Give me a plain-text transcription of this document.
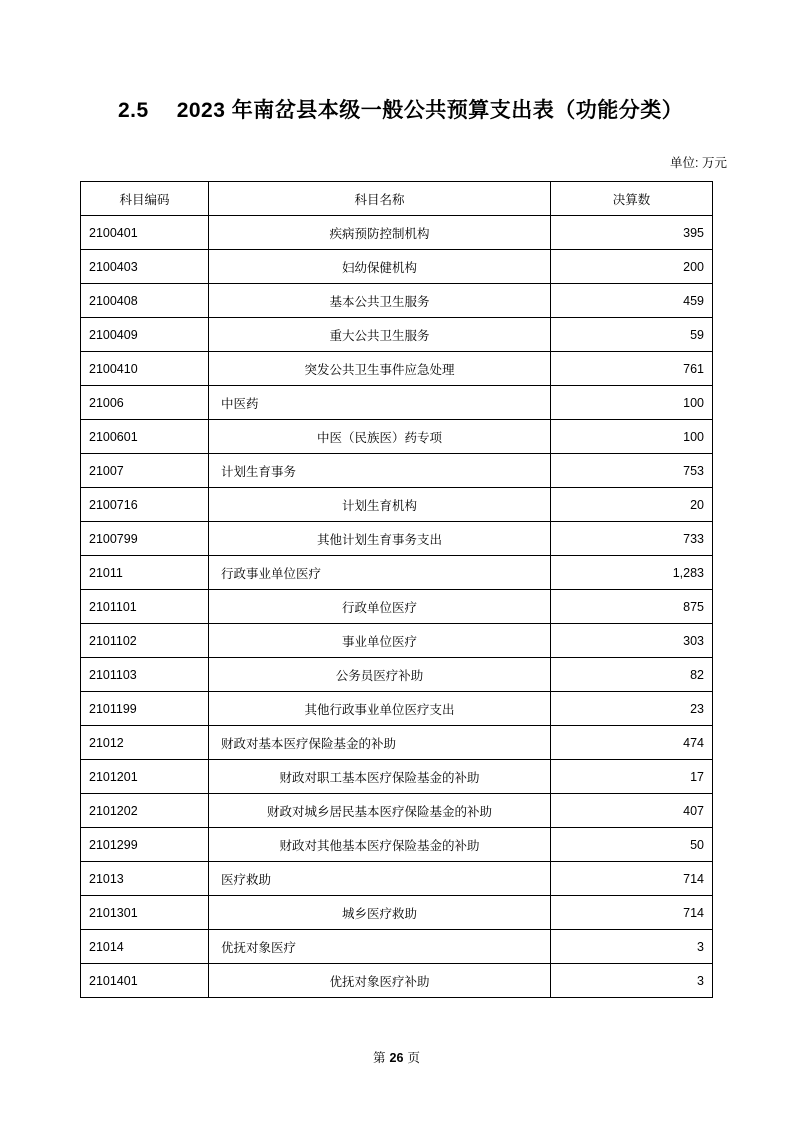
2.5 2023 年南岔县本级一般公共预算支出表（功能分类）
单位: 万元
科目编码	科目名称	决算数
2100401	疾病预防控制机构	395
2100403	妇幼保健机构	200
2100408	基本公共卫生服务	459
2100409	重大公共卫生服务	59
2100410	突发公共卫生事件应急处理	761
21006	中医药	100
2100601	中医（民族医）药专项	100
21007	计划生育事务	753
2100716	计划生育机构	20
2100799	其他计划生育事务支出	733
21011	行政事业单位医疗	1,283
2101101	行政单位医疗	875
2101102	事业单位医疗	303
2101103	公务员医疗补助	82
2101199	其他行政事业单位医疗支出	23
21012	财政对基本医疗保险基金的补助	474
2101201	财政对职工基本医疗保险基金的补助	17
2101202	财政对城乡居民基本医疗保险基金的补助	407
2101299	财政对其他基本医疗保险基金的补助	50
21013	医疗救助	714
2101301	城乡医疗救助	714
21014	优抚对象医疗	3
2101401	优抚对象医疗补助	3
第 26 页
